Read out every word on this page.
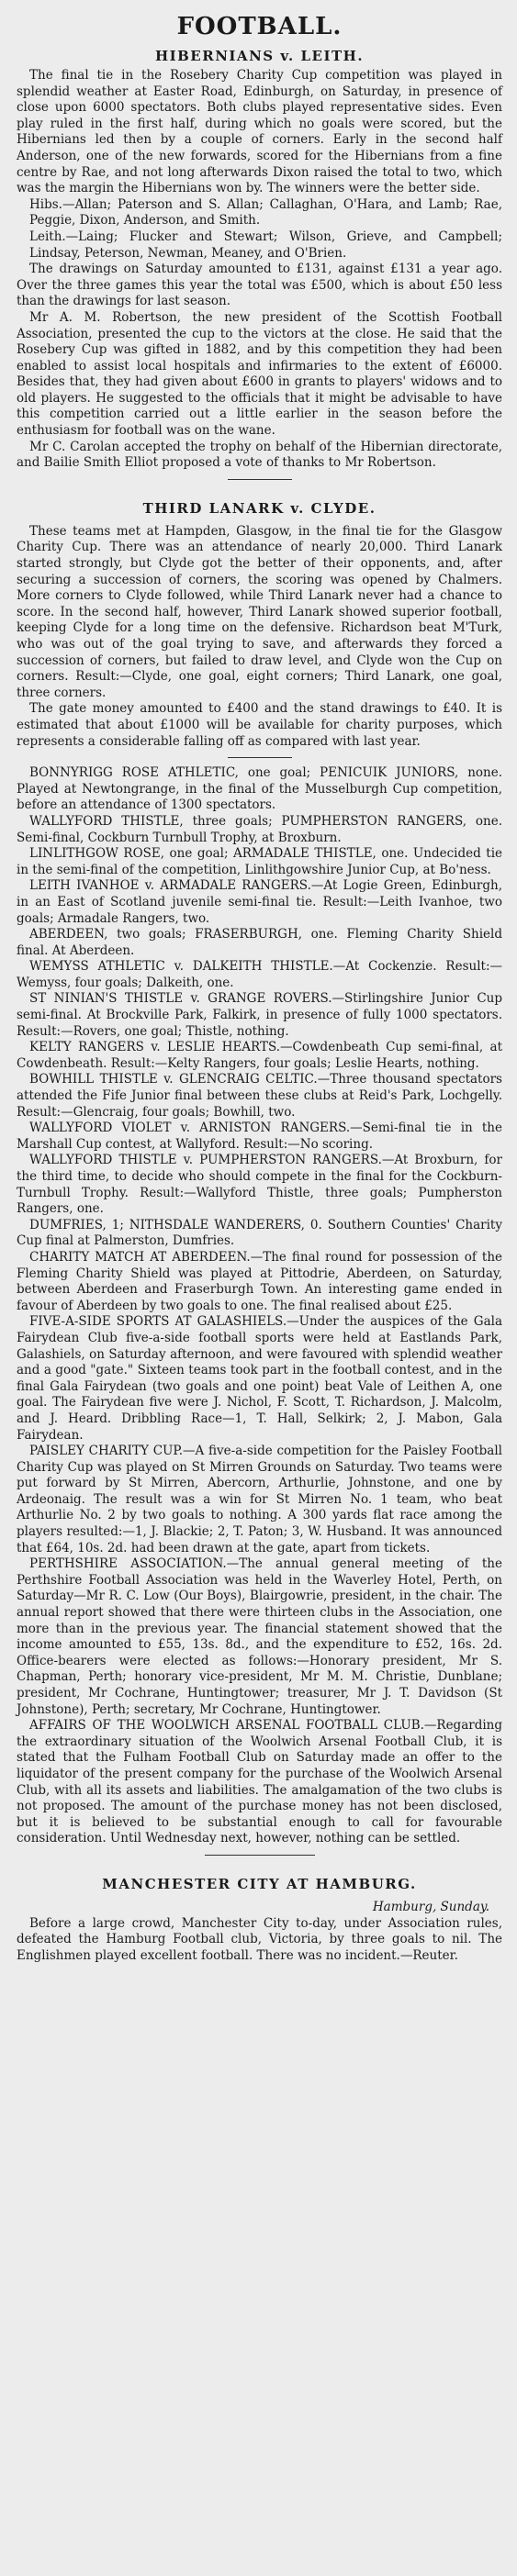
FOOTBALL.
HIBERNIANS v. LEITH.

The final tie in the Rosebery Charity Cup competition was played in splendid weather at Easter Road, Edinburgh, on Saturday, in presence of close upon 6000 spectators. Both clubs played representative sides. Even play ruled in the first half, during which no goals were scored, but the Hibernians led then by a couple of corners. Early in the second half Anderson, one of the new forwards, scored for the Hibernians from a fine centre by Rae, and not long afterwards Dixon raised the total to two, which was the margin the Hibernians won by. The winners were the better side.

Hibs.—Allan; Paterson and S. Allan; Callaghan, O'Hara, and Lamb; Rae, Peggie, Dixon, Anderson, and Smith.

Leith.—Laing; Flucker and Stewart; Wilson, Grieve, and Campbell; Lindsay, Peterson, Newman, Meaney, and O'Brien.

The drawings on Saturday amounted to £131, against £131 a year ago. Over the three games this year the total was £500, which is about £50 less than the drawings for last season.

Mr A. M. Robertson, the new president of the Scottish Football Association, presented the cup to the victors at the close. He said that the Rosebery Cup was gifted in 1882, and by this competition they had been enabled to assist local hospitals and infirmaries to the extent of £6000. Besides that, they had given about £600 in grants to players' widows and to old players. He suggested to the officials that it might be advisable to have this competition carried out a little earlier in the season before the enthusiasm for football was on the wane.

Mr C. Carolan accepted the trophy on behalf of the Hibernian directorate, and Bailie Smith Elliot proposed a vote of thanks to Mr Robertson.

THIRD LANARK v. CLYDE.

These teams met at Hampden, Glasgow, in the final tie for the Glasgow Charity Cup. There was an attendance of nearly 20,000. Third Lanark started strongly, but Clyde got the better of their opponents, and, after securing a succession of corners, the scoring was opened by Chalmers. More corners to Clyde followed, while Third Lanark never had a chance to score. In the second half, however, Third Lanark showed superior football, keeping Clyde for a long time on the defensive. Richardson beat M'Turk, who was out of the goal trying to save, and afterwards they forced a succession of corners, but failed to draw level, and Clyde won the Cup on corners. Result:—Clyde, one goal, eight corners; Third Lanark, one goal, three corners.

The gate money amounted to £400 and the stand drawings to £40. It is estimated that about £1000 will be available for charity purposes, which represents a considerable falling off as compared with last year.

BONNYRIGG ROSE ATHLETIC, one goal; PENICUIK JUNIORS, none. Played at Newtongrange, in the final of the Musselburgh Cup competition, before an attendance of 1300 spectators.

WALLYFORD THISTLE, three goals; PUMPHERSTON RANGERS, one. Semi-final, Cockburn Turnbull Trophy, at Broxburn.

LINLITHGOW ROSE, one goal; ARMADALE THISTLE, one. Undecided tie in the semi-final of the competition, Linlithgowshire Junior Cup, at Bo'ness.

LEITH IVANHOE v. ARMADALE RANGERS.—At Logie Green, Edinburgh, in an East of Scotland juvenile semi-final tie. Result:—Leith Ivanhoe, two goals; Armadale Rangers, two.

ABERDEEN, two goals; FRASERBURGH, one. Fleming Charity Shield final. At Aberdeen.

WEMYSS ATHLETIC v. DALKEITH THISTLE.—At Cockenzie. Result:—Wemyss, four goals; Dalkeith, one.

ST NINIAN'S THISTLE v. GRANGE ROVERS.—Stirlingshire Junior Cup semi-final. At Brockville Park, Falkirk, in presence of fully 1000 spectators. Result:—Rovers, one goal; Thistle, nothing.

KELTY RANGERS v. LESLIE HEARTS.—Cowdenbeath Cup semi-final, at Cowdenbeath. Result:—Kelty Rangers, four goals; Leslie Hearts, nothing.

BOWHILL THISTLE v. GLENCRAIG CELTIC.—Three thousand spectators attended the Fife Junior final between these clubs at Reid's Park, Lochgelly. Result:—Glencraig, four goals; Bowhill, two.

WALLYFORD VIOLET v. ARNISTON RANGERS.—Semi-final tie in the Marshall Cup contest, at Wallyford. Result:—No scoring.

WALLYFORD THISTLE v. PUMPHERSTON RANGERS.—At Broxburn, for the third time, to decide who should compete in the final for the Cockburn-Turnbull Trophy. Result:—Wallyford Thistle, three goals; Pumpherston Rangers, one.

DUMFRIES, 1; NITHSDALE WANDERERS, 0. Southern Counties' Charity Cup final at Palmerston, Dumfries.

CHARITY MATCH AT ABERDEEN.—The final round for possession of the Fleming Charity Shield was played at Pittodrie, Aberdeen, on Saturday, between Aberdeen and Fraserburgh Town. An interesting game ended in favour of Aberdeen by two goals to one. The final realised about £25.

FIVE-A-SIDE SPORTS AT GALASHIELS.—Under the auspices of the Gala Fairydean Club five-a-side football sports were held at Eastlands Park, Galashiels, on Saturday afternoon, and were favoured with splendid weather and a good "gate." Sixteen teams took part in the football contest, and in the final Gala Fairydean (two goals and one point) beat Vale of Leithen A, one goal. The Fairydean five were J. Nichol, F. Scott, T. Richardson, J. Malcolm, and J. Heard. Dribbling Race—1, T. Hall, Selkirk; 2, J. Mabon, Gala Fairydean.

PAISLEY CHARITY CUP.—A five-a-side competition for the Paisley Football Charity Cup was played on St Mirren Grounds on Saturday. Two teams were put forward by St Mirren, Abercorn, Arthurlie, Johnstone, and one by Ardeonaig. The result was a win for St Mirren No. 1 team, who beat Arthurlie No. 2 by two goals to nothing. A 300 yards flat race among the players resulted:—1, J. Blackie; 2, T. Paton; 3, W. Husband. It was announced that £64, 10s. 2d. had been drawn at the gate, apart from tickets.

PERTHSHIRE ASSOCIATION.—The annual general meeting of the Perthshire Football Association was held in the Waverley Hotel, Perth, on Saturday—Mr R. C. Low (Our Boys), Blairgowrie, president, in the chair. The annual report showed that there were thirteen clubs in the Association, one more than in the previous year. The financial statement showed that the income amounted to £55, 13s. 8d., and the expenditure to £52, 16s. 2d. Office-bearers were elected as follows:—Honorary president, Mr S. Chapman, Perth; honorary vice-president, Mr M. M. Christie, Dunblane; president, Mr Cochrane, Huntingtower; treasurer, Mr J. T. Davidson (St Johnstone), Perth; secretary, Mr Cochrane, Huntingtower.

AFFAIRS OF THE WOOLWICH ARSENAL FOOTBALL CLUB.—Regarding the extraordinary situation of the Woolwich Arsenal Football Club, it is stated that the Fulham Football Club on Saturday made an offer to the liquidator of the present company for the purchase of the Woolwich Arsenal Club, with all its assets and liabilities. The amalgamation of the two clubs is not proposed. The amount of the purchase money has not been disclosed, but it is believed to be substantial enough to call for favourable consideration. Until Wednesday next, however, nothing can be settled.

MANCHESTER CITY AT HAMBURG.
Hamburg, Sunday.

Before a large crowd, Manchester City to-day, under Association rules, defeated the Hamburg Football club, Victoria, by three goals to nil. The Englishmen played excellent football. There was no incident.—Reuter.
